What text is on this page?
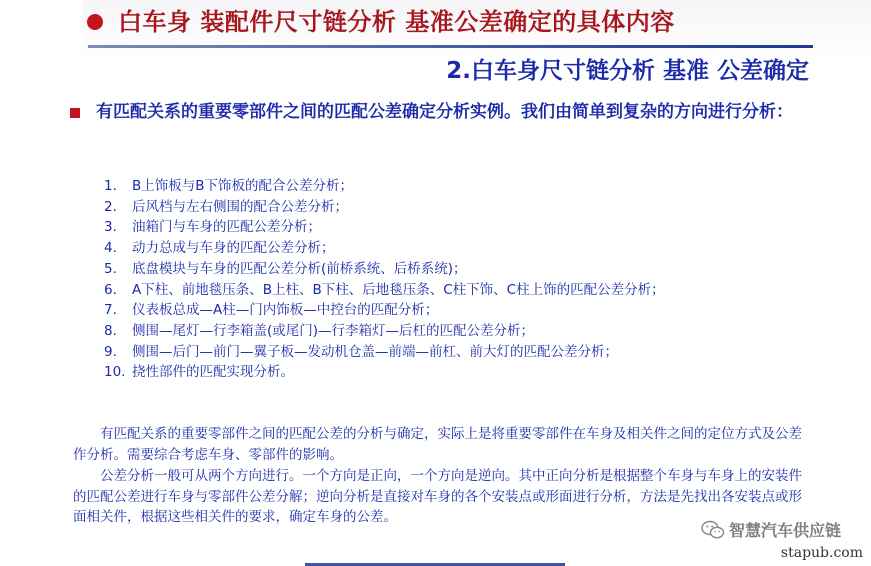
白车身 装配件尺寸链分析 基准公差确定的具体内容
2.白车身尺寸链分析 基准 公差确定
有匹配关系的重要零部件之间的匹配公差确定分析实例。我们由简单到复杂的方向进行分析：
1. B上饰板与B下饰板的配合公差分析；
2. 后风档与左右侧围的配合公差分析；
3. 油箱门与车身的匹配公差分析；
4. 动力总成与车身的匹配公差分析；
5. 底盘模块与车身的匹配公差分析(前桥系统、后桥系统)；
6. A下柱、前地毯压条、B上柱、B下柱、后地毯压条、C柱下饰、C柱上饰的匹配公差分析；
7. 仪表板总成—A柱—门内饰板—中控台的匹配分析；
8. 侧围—尾灯—行李箱盖(或尾门)—行李箱灯—后杠的匹配公差分析；
9. 侧围—后门—前门—翼子板—发动机仓盖—前端—前杠、前大灯的匹配公差分析；
10. 挠性部件的匹配实现分析。

有匹配关系的重要零部件之间的匹配公差的分析与确定，实际上是将重要零部件在车身及相关件之间的定位方式及公差作分析。需要综合考虑车身、零部件的影响。

公差分析一般可从两个方向进行。一个方向是正向，一个方向是逆向。其中正向分析是根据整个车身与车身上的安装件的匹配公差进行车身与零部件公差分解；逆向分析是直接对车身的各个安装点或形面进行分析，方法是先找出各安装点或形面相关件，根据这些相关件的要求，确定车身的公差。

智慧汽车供应链
stapub.com
